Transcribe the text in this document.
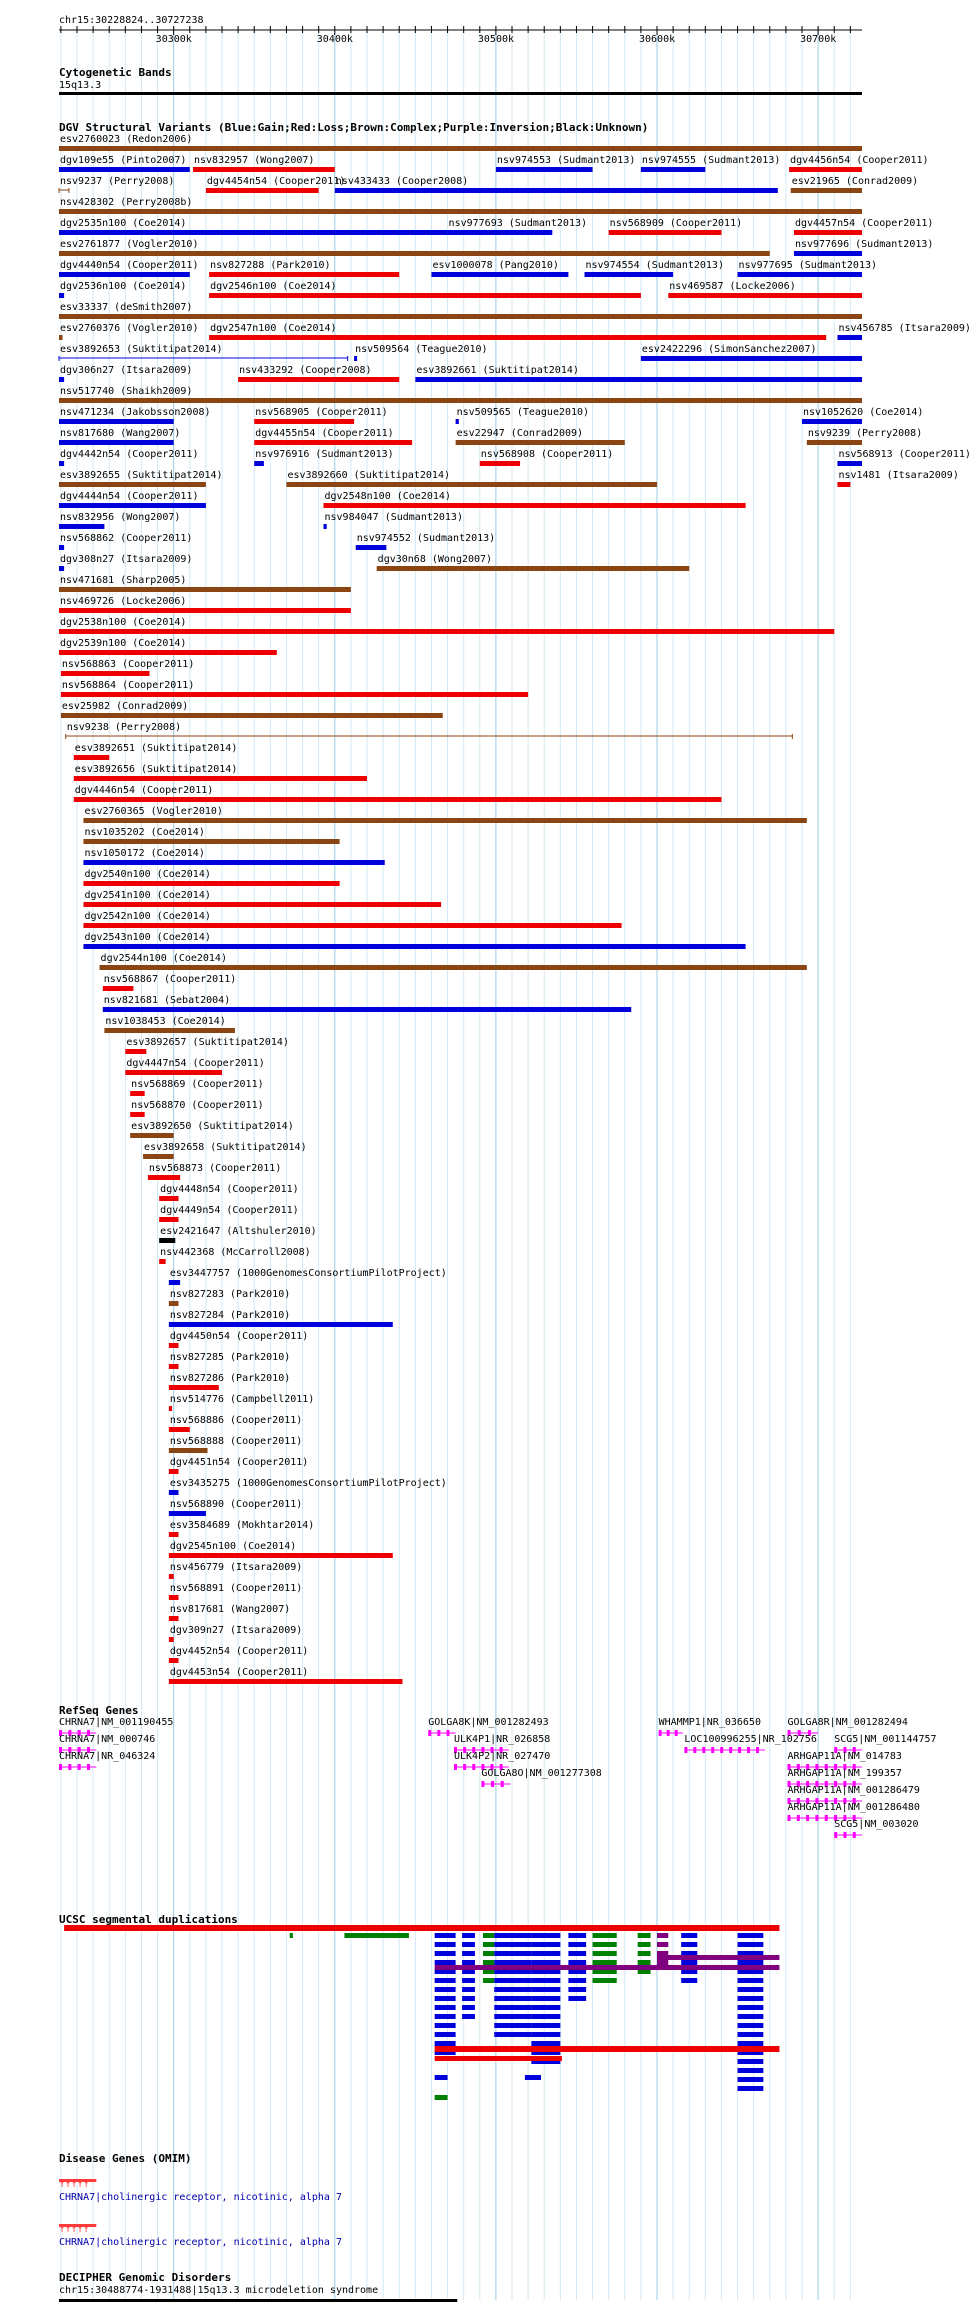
chr15:30228824..30727238
30300k	30400k	30500k	30600k	30700k
Cytogenetic Bands
15q13.3
DGV Structural Variants (Blue:Gain;Red:Loss;Brown:Complex;Purple:Inversion;Black:Unknown)
esv2760023 (Redon2006)
dgv109e55 (Pinto2007) nsv832957 (Wong2007)	nsv974553 (Sudmant2013) nsv974555 (Sudmant2013) dgv4456n54 (Cooper2011)
nsv9237 (Perry2008)	dgv4454n54 (Cooper2011)
nsv433433 (Cooper2008)	esv21965 (Conrad2009)
nsv428302 (Perry2008b)
dgv2535n100 (Coe2014)	nsv977693 (Sudmant2013) nsv568909 (Cooper2011)	dgv4457n54 (Cooper2011)
esv2761877 (Vogler2010)	nsv977696 (Sudmant2013)
dgv4440n54 (Cooper2011) nsv827288 (Park2010)	esv1000078 (Pang2010)	nsv974554 (Sudmant2013) nsv977695 (Sudmant2013)
dgv2536n100 (Coe2014) dgv2546n100 (Coe2014)	nsv469587 (Locke2006)
esv33337 (deSmith2007)
esv2760376 (Vogler2010) dgv2547n100 (Coe2014)	nsv456785 (Itsara2009)
esv3892653 (Suktitipat2014)	nsv509564 (Teague2010)	esv2422296 (SimonSanchez2007)
dgv306n27 (Itsara2009)	nsv433292 (Cooper2008)	esv3892661 (Suktitipat2014)
nsv517740 (Shaikh2009)
nsv471234 (Jakobsson2008)	nsv568905 (Cooper2011)	nsv509565 (Teague2010)	nsv1052620 (Coe2014)
nsv817680 (Wang2007)	dgv4455n54 (Cooper2011)	esv22947 (Conrad2009)	nsv9239 (Perry2008)
dgv4442n54 (Cooper2011)	nsv976916 (Sudmant2013)	nsv568908 (Cooper2011)	nsv568913 (Cooper2011)
esv3892655 (Suktitipat2014)	esv3892660 (Suktitipat2014)	nsv1481 (Itsara2009)
dgv4444n54 (Cooper2011)	dgv2548n100 (Coe2014)
nsv832956 (Wong2007)	nsv984047 (Sudmant2013)
nsv568862 (Cooper2011)	nsv974552 (Sudmant2013)
dgv308n27 (Itsara2009)	dgv30n68 (Wong2007)
nsv471681 (Sharp2005)
nsv469726 (Locke2006)
dgv2538n100 (Coe2014)
dgv2539n100 (Coe2014)
nsv568863 (Cooper2011)
nsv568864 (Cooper2011)
esv25982 (Conrad2009)
nsv9238 (Perry2008)
esv3892651 (Suktitipat2014)
esv3892656 (Suktitipat2014)
dgv4446n54 (Cooper2011)
esv2760365 (Vogler2010)
nsv1035202 (Coe2014)
nsv1050172 (Coe2014)
dgv2540n100 (Coe2014)
dgv2541n100 (Coe2014)
dgv2542n100 (Coe2014)
dgv2543n100 (Coe2014)
dgv2544n100 (Coe2014)
nsv568867 (Cooper2011)
nsv821681 (Sebat2004)
nsv1038453 (Coe2014)
esv3892657 (Suktitipat2014)
dgv4447n54 (Cooper2011)
nsv568869 (Cooper2011)
nsv568870 (Cooper2011)
esv3892650 (Suktitipat2014)
esv3892658 (Suktitipat2014)
nsv568873 (Cooper2011)
dgv4448n54 (Cooper2011)
dgv4449n54 (Cooper2011)
esv2421647 (Altshuler2010)
nsv442368 (McCarroll2008)
esv3447757 (1000GenomesConsortiumPilotProject)
nsv827283 (Park2010)
nsv827284 (Park2010)
dgv4450n54 (Cooper2011)
nsv827285 (Park2010)
nsv827286 (Park2010)
nsv514776 (Campbell2011)
nsv568886 (Cooper2011)
nsv568888 (Cooper2011)
dgv4451n54 (Cooper2011)
esv3435275 (1000GenomesConsortiumPilotProject)
nsv568890 (Cooper2011)
esv3584689 (Mokhtar2014)
dgv2545n100 (Coe2014)
nsv456779 (Itsara2009)
nsv568891 (Cooper2011)
nsv817681 (Wang2007)
dgv309n27 (Itsara2009)
dgv4452n54 (Cooper2011)
dgv4453n54 (Cooper2011)
RefSeq Genes
CHRNA7|NM_001190455	GOLGA8K|NM_001282493	WHAMMP1|NR_036650	GOLGA8R|NM_001282494
CHRNA7|NM_000746	ULK4P1|NR_026858	LOC100996255|NR_102756 SCG5|NM_001144757
CHRNA7|NR_046324	ULK4P2|NR_027470	ARHGAP11A|NM_014783
GOLGA8O|NM_001277308	ARHGAP11A|NM_199357
ARHGAP11A|NM_001286479
ARHGAP11A|NM_001286480
SCG5|NM_003020
UCSC segmental duplications
Disease Genes (OMIM)
↑↑↑↑↑
CHRNA7|cholinergic receptor, nicotinic, alpha 7
↑↑↑↑↑
CHRNA7|cholinergic receptor, nicotinic, alpha 7
DECIPHER Genomic Disorders
chr15:30488774-1931488|15q13.3 microdeletion syndrome
